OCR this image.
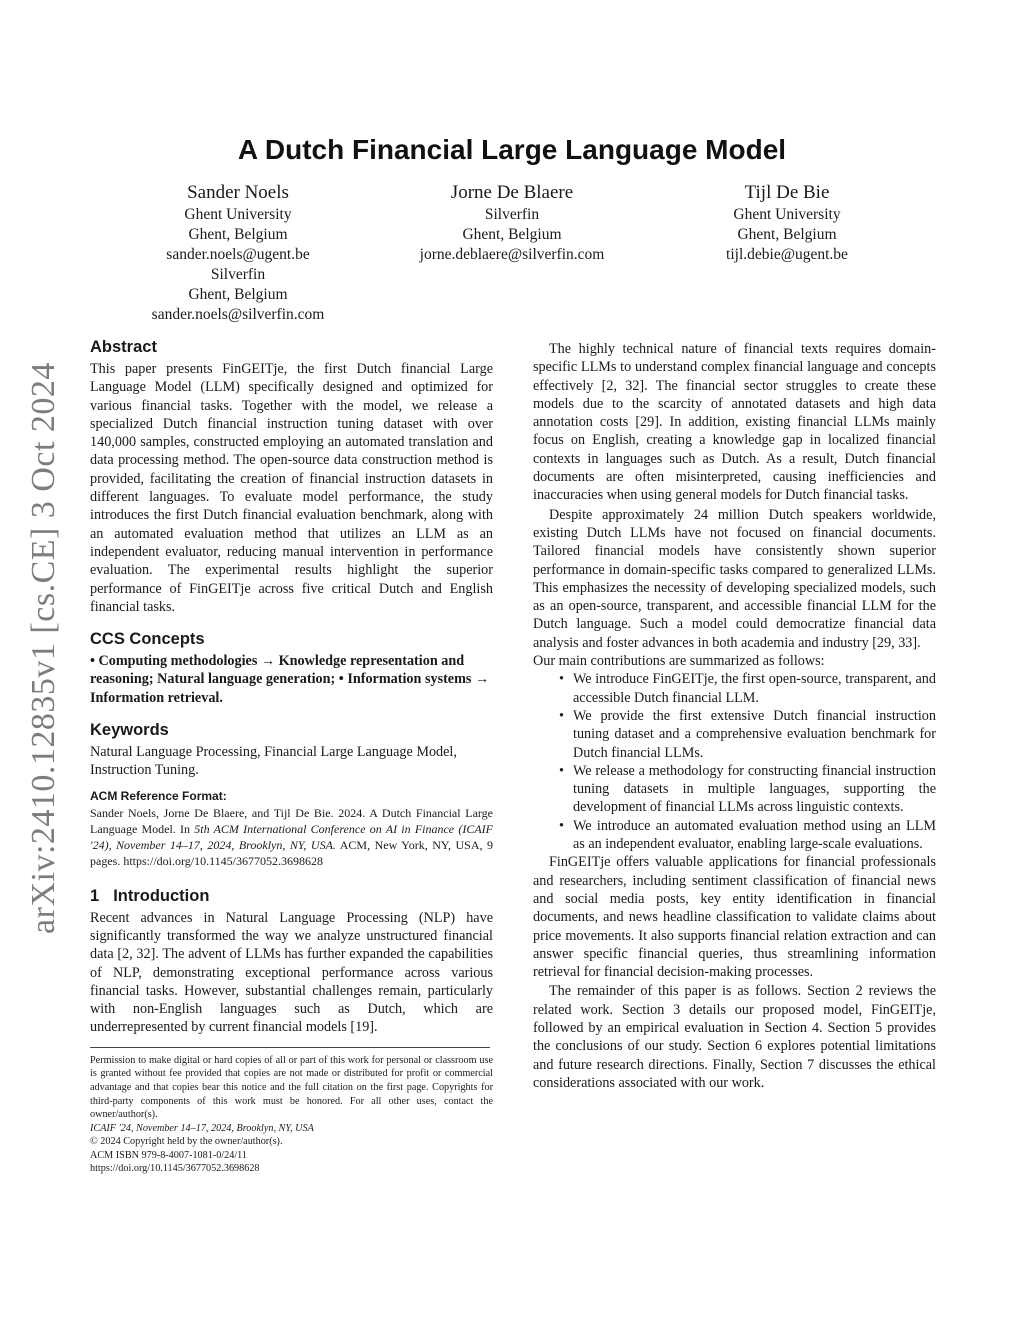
arXiv:2410.12835v1 [cs.CE] 3 Oct 2024
A Dutch Financial Large Language Model
Sander Noels
Ghent University
Ghent, Belgium
sander.noels@ugent.be
Silverfin
Ghent, Belgium
sander.noels@silverfin.com
Jorne De Blaere
Silverfin
Ghent, Belgium
jorne.deblaere@silverfin.com
Tijl De Bie
Ghent University
Ghent, Belgium
tijl.debie@ugent.be
Abstract

This paper presents FinGEITje, the first Dutch financial Large Language Model (LLM) specifically designed and optimized for various financial tasks. Together with the model, we release a specialized Dutch financial instruction tuning dataset with over 140,000 samples, constructed employing an automated translation and data processing method. The open-source data construction method is provided, facilitating the creation of financial instruction datasets in different languages. To evaluate model performance, the study introduces the first Dutch financial evaluation benchmark, along with an automated evaluation method that utilizes an LLM as an independent evaluator, reducing manual intervention in performance evaluation. The experimental results highlight the superior performance of FinGEITje across five critical Dutch and English financial tasks.

CCS Concepts

• Computing methodologies → Knowledge representation and reasoning; Natural language generation; • Information systems → Information retrieval.

Keywords

Natural Language Processing, Financial Large Language Model, Instruction Tuning.

ACM Reference Format:

Sander Noels, Jorne De Blaere, and Tijl De Bie. 2024. A Dutch Financial Large Language Model. In 5th ACM International Conference on AI in Finance (ICAIF '24), November 14–17, 2024, Brooklyn, NY, USA. ACM, New York, NY, USA, 9 pages. https://doi.org/10.1145/3677052.3698628

1 Introduction

Recent advances in Natural Language Processing (NLP) have significantly transformed the way we analyze unstructured financial data [2, 32]. The advent of LLMs has further expanded the capabilities of NLP, demonstrating exceptional performance across various financial tasks. However, substantial challenges remain, particularly with non-English languages such as Dutch, which are underrepresented by current financial models [19].

Permission to make digital or hard copies of all or part of this work for personal or classroom use is granted without fee provided that copies are not made or distributed for profit or commercial advantage and that copies bear this notice and the full citation on the first page. Copyrights for third-party components of this work must be honored. For all other uses, contact the owner/author(s).

ICAIF '24, November 14–17, 2024, Brooklyn, NY, USA

© 2024 Copyright held by the owner/author(s).

ACM ISBN 979-8-4007-1081-0/24/11

https://doi.org/10.1145/3677052.3698628

The highly technical nature of financial texts requires domain-specific LLMs to understand complex financial language and concepts effectively [2, 32]. The financial sector struggles to create these models due to the scarcity of annotated datasets and high data annotation costs [29]. In addition, existing financial LLMs mainly focus on English, creating a knowledge gap in localized financial contexts in languages such as Dutch. As a result, Dutch financial documents are often misinterpreted, causing inefficiencies and inaccuracies when using general models for Dutch financial tasks.

Despite approximately 24 million Dutch speakers worldwide, existing Dutch LLMs have not focused on financial documents. Tailored financial models have consistently shown superior performance in domain-specific tasks compared to generalized LLMs. This emphasizes the necessity of developing specialized models, such as an open-source, transparent, and accessible financial LLM for the Dutch language. Such a model could democratize financial data analysis and foster advances in both academia and industry [29, 33].

Our main contributions are summarized as follows:

• We introduce FinGEITje, the first open-source, transparent, and accessible Dutch financial LLM.
• We provide the first extensive Dutch financial instruction tuning dataset and a comprehensive evaluation benchmark for Dutch financial LLMs.
• We release a methodology for constructing financial instruction tuning datasets in multiple languages, supporting the development of financial LLMs across linguistic contexts.
• We introduce an automated evaluation method using an LLM as an independent evaluator, enabling large-scale evaluations.

FinGEITje offers valuable applications for financial professionals and researchers, including sentiment classification of financial news and social media posts, key entity identification in financial documents, and news headline classification to validate claims about price movements. It also supports financial relation extraction and can answer specific financial queries, thus streamlining information retrieval for financial decision-making processes.

The remainder of this paper is as follows. Section 2 reviews the related work. Section 3 details our proposed model, FinGEITje, followed by an empirical evaluation in Section 4. Section 5 provides the conclusions of our study. Section 6 explores potential limitations and future research directions. Finally, Section 7 discusses the ethical considerations associated with our work.
